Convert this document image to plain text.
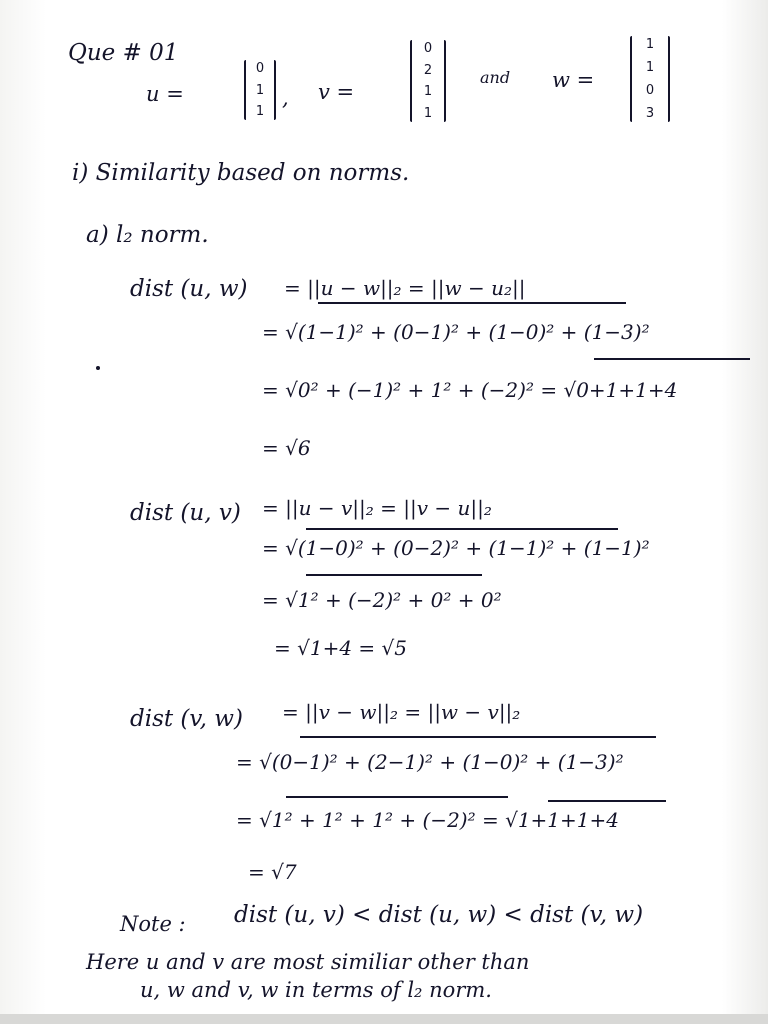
Que # 01
u =
0
1
1
, v =
0
2
1
1
and w =
1
1
0
3
i) Similarity based on norms.
a) l₂ norm.
dist (u, w) = ||u − w||₂ = ||w − u₂||
= √(1−1)² + (0−1)² + (1−0)² + (1−3)²
= √0² + (−1)² + 1² + (−2)² = √0+1+1+4
= √6
dist (u, v) = ||u − v||₂ = ||v − u||₂
= √(1−0)² + (0−2)² + (1−1)² + (1−1)²
= √1² + (−2)² + 0² + 0²
= √1+4 = √5
dist (v, w) = ||v − w||₂ = ||w − v||₂
= √(0−1)² + (2−1)² + (1−0)² + (1−3)²
= √1² + 1² + 1² + (−2)² = √1+1+1+4
= √7
Note : dist (u, v) < dist (u, w) < dist (v, w)
Here u and v are most similiar other than
u, w and v, w in terms of l₂ norm.
